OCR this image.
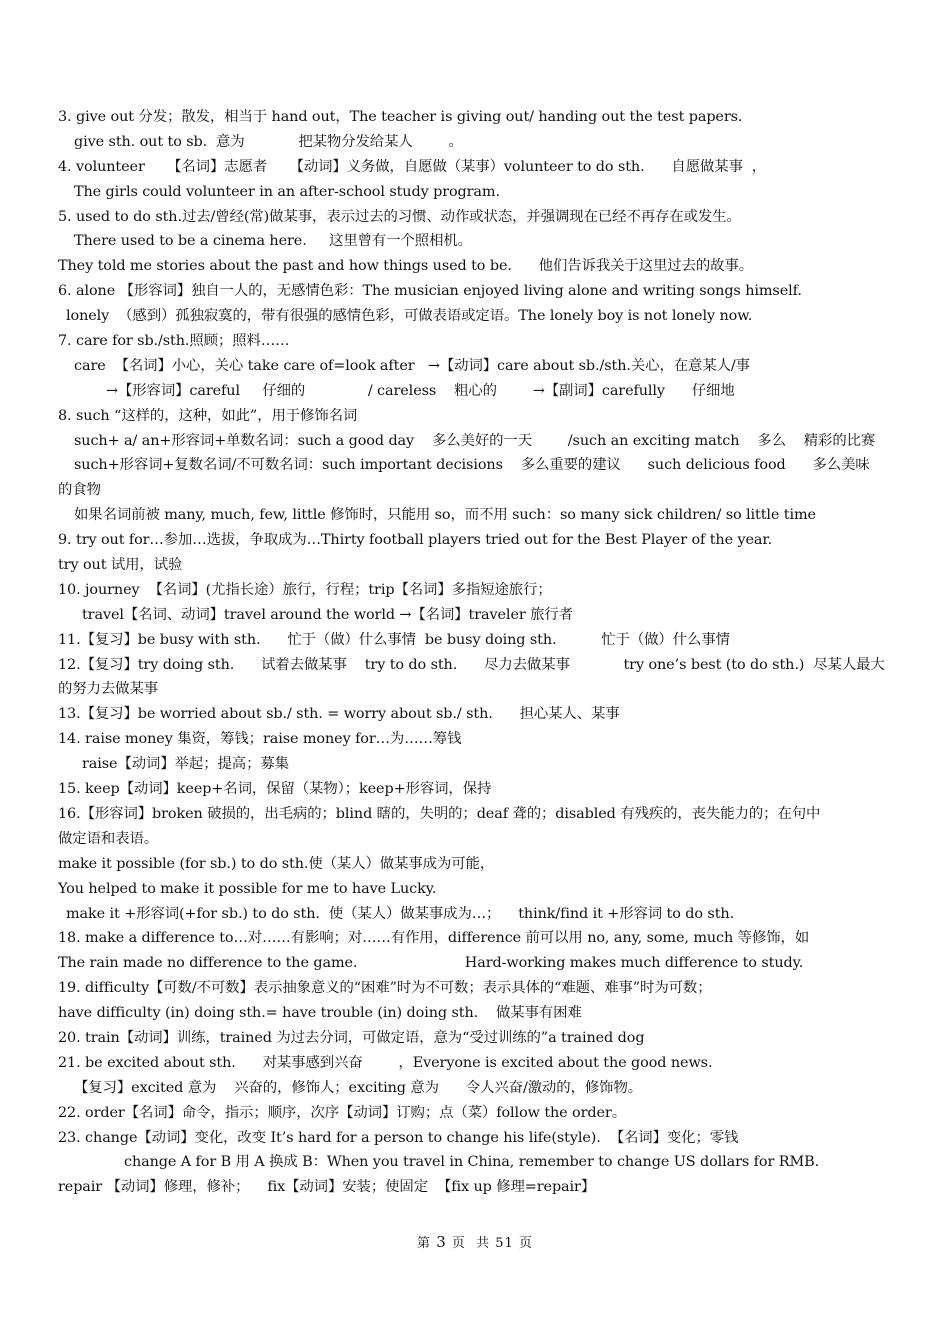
3. give out 分发；散发，相当于 hand out，The teacher is giving out/ handing out the test papers.
give sth. out to sb.  意为            把某物分发给某人        。
4. volunteer     【名词】志愿者     【动词】义务做，自愿做（某事）volunteer to do sth.      自愿做某事  ，
The girls could volunteer in an after-school study program.
5. used to do sth.过去/曾经(常)做某事，表示过去的习惯、动作或状态，并强调现在已经不再存在或发生。
There used to be a cinema here.     这里曾有一个照相机。
They told me stories about the past and how things used to be.      他们告诉我关于这里过去的故事。
6. alone 【形容词】独自一人的，无感情色彩：The musician enjoyed living alone and writing songs himself.
lonely  （感到）孤独寂寞的，带有很强的感情色彩，可做表语或定语。The lonely boy is not lonely now.
7. care for sb./sth.照顾；照料……
care  【名词】小心，关心 take care of=look after   →【动词】care about sb./sth.关心，在意某人/事
→【形容词】careful     仔细的              / careless    粗心的        →【副词】carefully      仔细地
8. such “这样的，这种，如此”，用于修饰名词
such+ a/ an+形容词+单数名词：such a good day    多么美好的一天        /such an exciting match    多么    精彩的比赛
such+形容词+复数名词/不可数名词：such important decisions    多么重要的建议      such delicious food      多么美味
的食物
如果名词前被 many, much, few, little 修饰时，只能用 so，而不用 such：so many sick children/ so little time
9. try out for…参加…选拔，争取成为…Thirty football players tried out for the Best Player of the year.
try out 试用，试验
10. journey  【名词】(尤指长途）旅行，行程；trip【名词】多指短途旅行；
travel【名词、动词】travel around the world →【名词】traveler 旅行者
11.【复习】be busy with sth.      忙于（做）什么事情  be busy doing sth.          忙于（做）什么事情
12.【复习】try doing sth.      试着去做某事    try to do sth.      尽力去做某事            try one’s best (to do sth.)  尽某人最大
的努力去做某事
13.【复习】be worried about sb./ sth. = worry about sb./ sth.      担心某人、某事
14. raise money 集资，筹钱；raise money for…为……筹钱
raise【动词】举起；提高；募集
15. keep【动词】keep+名词，保留（某物）；keep+形容词，保持
16.【形容词】broken 破损的，出毛病的；blind 瞎的，失明的；deaf 聋的；disabled 有残疾的，丧失能力的；在句中
做定语和表语。
make it possible (for sb.) to do sth.使（某人）做某事成为可能，
You helped to make it possible for me to have Lucky.
make it +形容词(+for sb.) to do sth.  使（某人）做某事成为…；    think/find it +形容词 to do sth.
18. make a difference to…对……有影响；对……有作用，difference 前可以用 no, any, some, much 等修饰，如
The rain made no difference to the game.                        Hard-working makes much difference to study.
19. difficulty【可数/不可数】表示抽象意义的“困难”时为不可数；表示具体的“难题、难事”时为可数；
have difficulty (in) doing sth.= have trouble (in) doing sth.    做某事有困难
20. train【动词】训练，trained 为过去分词，可做定语，意为“受过训练的”a trained dog
21. be excited about sth.      对某事感到兴奋        ，Everyone is excited about the good news.
【复习】excited 意为    兴奋的，修饰人；exciting 意为      令人兴奋/激动的，修饰物。
22. order【名词】命令，指示；顺序，次序【动词】订购；点（菜）follow the order。
23. change【动词】变化，改变 It’s hard for a person to change his life(style).  【名词】变化；零钱
change A for B 用 A 换成 B：When you travel in China, remember to change US dollars for RMB.
repair 【动词】修理，修补；    fix【动词】安装；使固定  【fix up 修理=repair】
第 3 页  共 51 页
